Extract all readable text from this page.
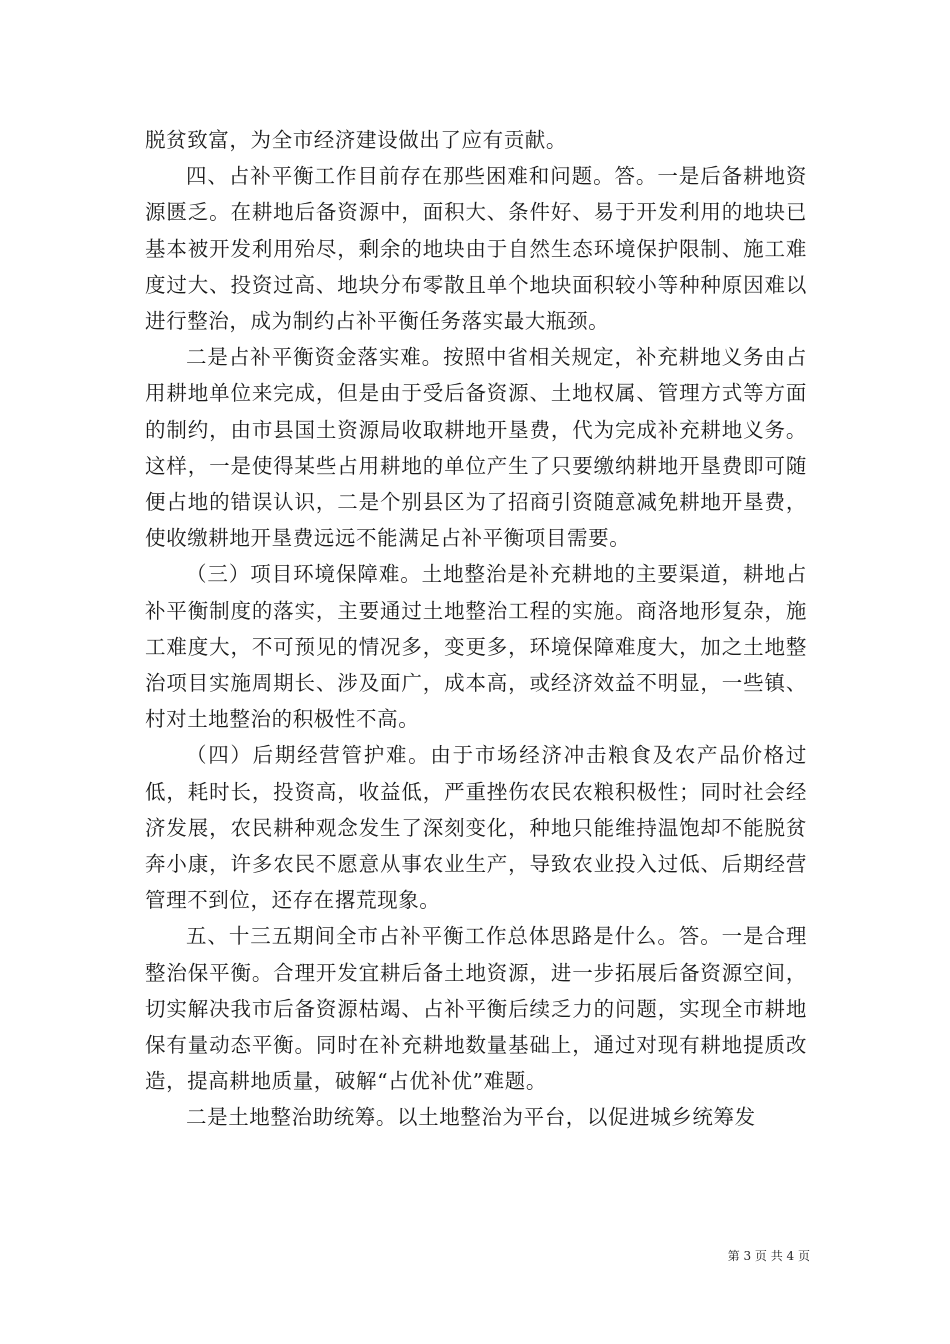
脱贫致富，为全市经济建设做出了应有贡献。

四、占补平衡工作目前存在那些困难和问题。答。一是后备耕地资源匮乏。在耕地后备资源中，面积大、条件好、易于开发利用的地块已基本被开发利用殆尽，剩余的地块由于自然生态环境保护限制、施工难度过大、投资过高、地块分布零散且单个地块面积较小等种种原因难以进行整治，成为制约占补平衡任务落实最大瓶颈。

二是占补平衡资金落实难。按照中省相关规定，补充耕地义务由占用耕地单位来完成，但是由于受后备资源、土地权属、管理方式等方面的制约，由市县国土资源局收取耕地开垦费，代为完成补充耕地义务。这样，一是使得某些占用耕地的单位产生了只要缴纳耕地开垦费即可随便占地的错误认识，二是个别县区为了招商引资随意减免耕地开垦费，使收缴耕地开垦费远远不能满足占补平衡项目需要。

（三）项目环境保障难。土地整治是补充耕地的主要渠道，耕地占补平衡制度的落实，主要通过土地整治工程的实施。商洛地形复杂，施工难度大，不可预见的情况多，变更多，环境保障难度大，加之土地整治项目实施周期长、涉及面广，成本高，或经济效益不明显，一些镇、村对土地整治的积极性不高。

（四）后期经营管护难。由于市场经济冲击粮食及农产品价格过低，耗时长，投资高，收益低，严重挫伤农民农粮积极性；同时社会经济发展，农民耕种观念发生了深刻变化，种地只能维持温饱却不能脱贫奔小康，许多农民不愿意从事农业生产，导致农业投入过低、后期经营管理不到位，还存在撂荒现象。

五、十三五期间全市占补平衡工作总体思路是什么。答。一是合理整治保平衡。合理开发宜耕后备土地资源，进一步拓展后备资源空间，切实解决我市后备资源枯竭、占补平衡后续乏力的问题，实现全市耕地保有量动态平衡。同时在补充耕地数量基础上，通过对现有耕地提质改造，提高耕地质量，破解“占优补优”难题。

二是土地整治助统筹。以土地整治为平台，以促进城乡统筹发

第 3 页 共 4 页
